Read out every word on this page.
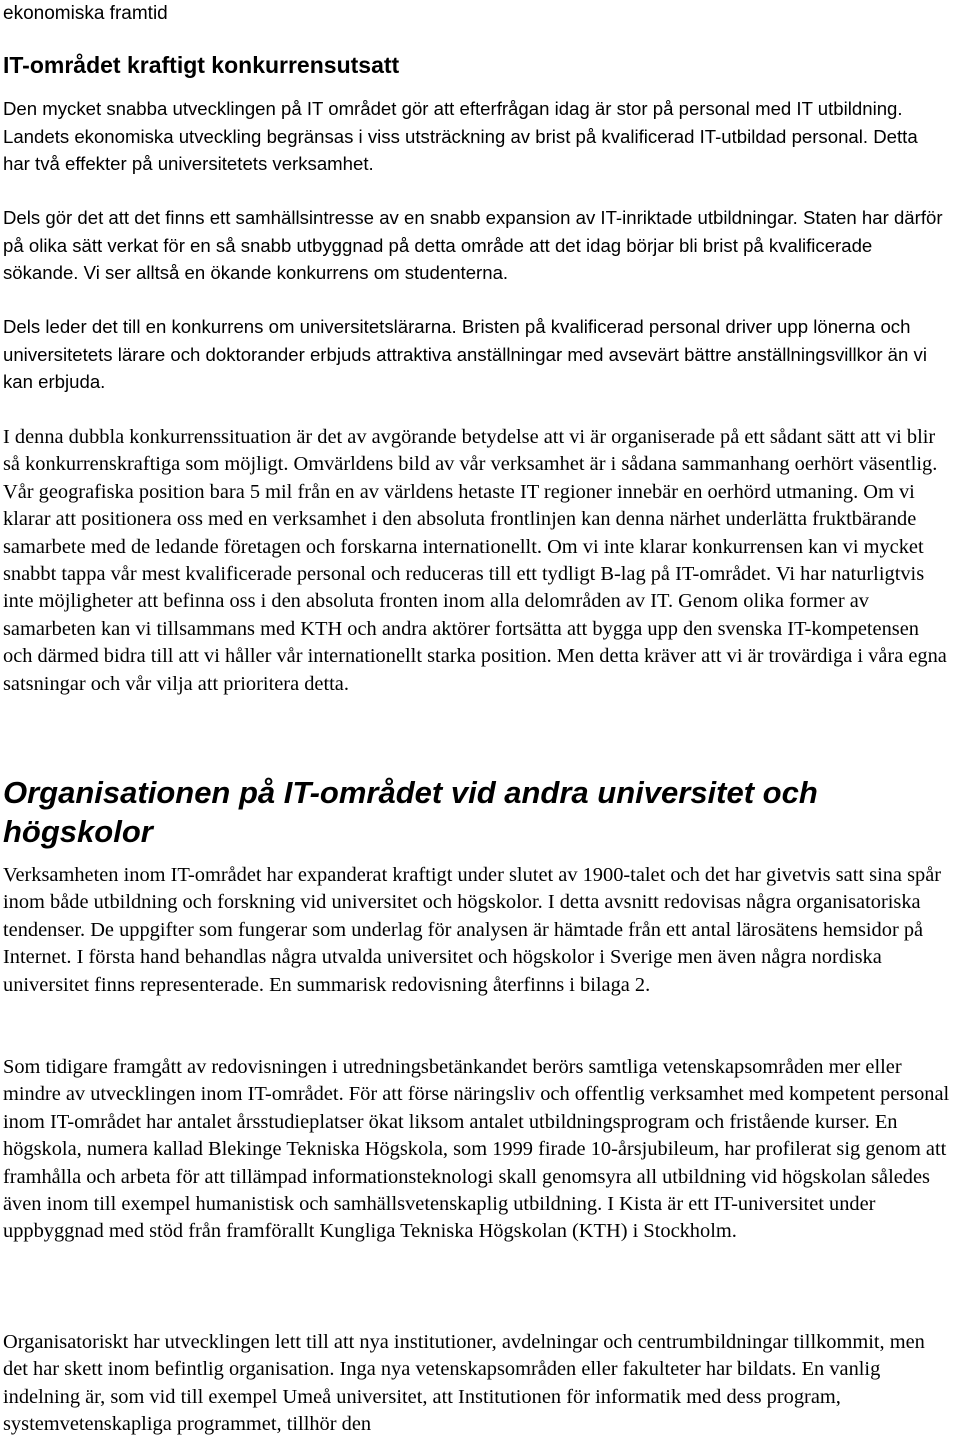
ekonomiska framtid
IT-området kraftigt konkurrensutsatt

Den mycket snabba utvecklingen på IT området gör att efterfrågan idag är stor på personal med IT utbildning. Landets ekonomiska utveckling begränsas i viss utsträckning av brist på kvalificerad IT-utbildad personal. Detta har två effekter på universitetets verksamhet.

Dels gör det att det finns ett samhällsintresse av en snabb expansion av IT-inriktade utbildningar. Staten har därför på olika sätt verkat för en så snabb utbyggnad på detta område att det idag börjar bli brist på kvalificerade sökande. Vi ser alltså en ökande konkurrens om studenterna.

Dels leder det till en konkurrens om universitetslärarna. Bristen på kvalificerad personal driver upp lönerna och universitetets lärare och doktorander erbjuds attraktiva anställningar med avsevärt bättre anställningsvillkor än vi kan erbjuda.

I denna dubbla konkurrenssituation är det av avgörande betydelse att vi är organiserade på ett sådant sätt att vi blir så konkurrenskraftiga som möjligt. Omvärldens bild av vår verksamhet är i sådana sammanhang oerhört väsentlig. Vår geografiska position bara 5 mil från en av världens hetaste IT regioner innebär en oerhörd utmaning. Om vi klarar att positionera oss med en verksamhet i den absoluta frontlinjen kan denna närhet underlätta fruktbärande samarbete med de ledande företagen och forskarna internationellt. Om vi inte klarar konkurrensen kan vi mycket snabbt tappa vår mest kvalificerade personal och reduceras till ett tydligt B-lag på IT-området. Vi har naturligtvis inte möjligheter att befinna oss i den absoluta fronten inom alla delområden av IT. Genom olika former av samarbeten kan vi tillsammans med KTH och andra aktörer fortsätta att bygga upp den svenska IT-kompetensen och därmed bidra till att vi håller vår internationellt starka position. Men detta kräver att vi är trovärdiga i våra egna satsningar och vår vilja att prioritera detta.

Organisationen på IT-området vid andra universitet och högskolor

Verksamheten inom IT-området har expanderat kraftigt under slutet av 1900-talet och det har givetvis satt sina spår inom både utbildning och forskning vid universitet och högskolor. I detta avsnitt redovisas några organisatoriska tendenser. De uppgifter som fungerar som underlag för analysen är hämtade från ett antal lärosätens hemsidor på Internet. I första hand behandlas några utvalda universitet och högskolor i Sverige men även några nordiska universitet finns representerade. En summarisk redovisning återfinns i bilaga 2.

Som tidigare framgått av redovisningen i utredningsbetänkandet berörs samtliga vetenskapsområden mer eller mindre av utvecklingen inom IT-området. För att förse näringsliv och offentlig verksamhet med kompetent personal inom IT-området har antalet årsstudieplatser ökat liksom antalet utbildningsprogram och fristående kurser. En högskola, numera kallad Blekinge Tekniska Högskola, som 1999 firade 10-årsjubileum, har profilerat sig genom att framhålla och arbeta för att tillämpad informationsteknologi skall genomsyra all utbildning vid högskolan således även inom till exempel humanistisk och samhällsvetenskaplig utbildning. I Kista är ett IT-universitet under uppbyggnad med stöd från framförallt Kungliga Tekniska Högskolan (KTH) i Stockholm.

Organisatoriskt har utvecklingen lett till att nya institutioner, avdelningar och centrumbildningar tillkommit, men det har skett inom befintlig organisation. Inga nya vetenskapsområden eller fakulteter har bildats. En vanlig indelning är, som vid till exempel Umeå universitet, att Institutionen för informatik med dess program, systemvetenskapliga programmet, tillhör den
